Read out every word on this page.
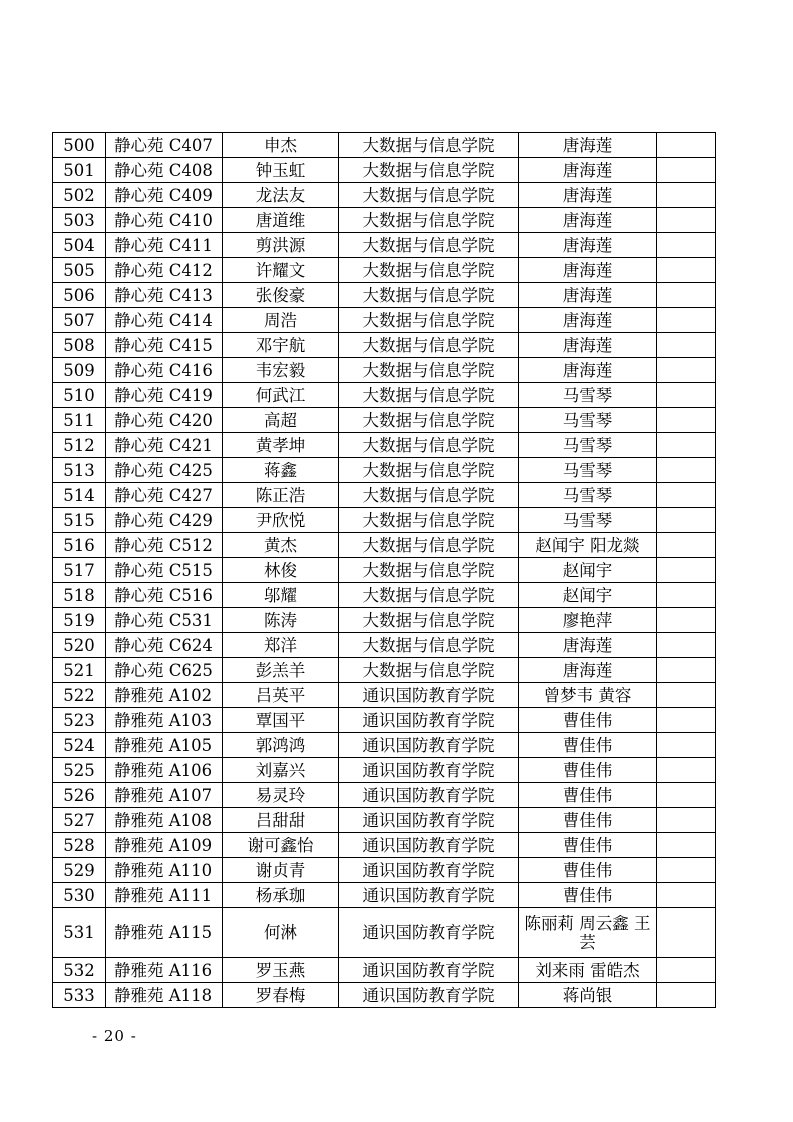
500	静心苑 C407	申杰	大数据与信息学院	唐海莲	
501	静心苑 C408	钟玉虹	大数据与信息学院	唐海莲	
502	静心苑 C409	龙法友	大数据与信息学院	唐海莲	
503	静心苑 C410	唐道维	大数据与信息学院	唐海莲	
504	静心苑 C411	剪洪源	大数据与信息学院	唐海莲	
505	静心苑 C412	许耀文	大数据与信息学院	唐海莲	
506	静心苑 C413	张俊豪	大数据与信息学院	唐海莲	
507	静心苑 C414	周浩	大数据与信息学院	唐海莲	
508	静心苑 C415	邓宇航	大数据与信息学院	唐海莲	
509	静心苑 C416	韦宏毅	大数据与信息学院	唐海莲	
510	静心苑 C419	何武江	大数据与信息学院	马雪琴	
511	静心苑 C420	高超	大数据与信息学院	马雪琴	
512	静心苑 C421	黄孝坤	大数据与信息学院	马雪琴	
513	静心苑 C425	蒋鑫	大数据与信息学院	马雪琴	
514	静心苑 C427	陈正浩	大数据与信息学院	马雪琴	
515	静心苑 C429	尹欣悦	大数据与信息学院	马雪琴	
516	静心苑 C512	黄杰	大数据与信息学院	赵闻宇 阳龙燚	
517	静心苑 C515	林俊	大数据与信息学院	赵闻宇	
518	静心苑 C516	邬耀	大数据与信息学院	赵闻宇	
519	静心苑 C531	陈涛	大数据与信息学院	廖艳萍	
520	静心苑 C624	郑洋	大数据与信息学院	唐海莲	
521	静心苑 C625	彭羔羊	大数据与信息学院	唐海莲	
522	静雅苑 A102	吕英平	通识国防教育学院	曾梦韦 黄容	
523	静雅苑 A103	覃国平	通识国防教育学院	曹佳伟	
524	静雅苑 A105	郭鸿鸿	通识国防教育学院	曹佳伟	
525	静雅苑 A106	刘嘉兴	通识国防教育学院	曹佳伟	
526	静雅苑 A107	易灵玲	通识国防教育学院	曹佳伟	
527	静雅苑 A108	吕甜甜	通识国防教育学院	曹佳伟	
528	静雅苑 A109	谢可鑫怡	通识国防教育学院	曹佳伟	
529	静雅苑 A110	谢贞青	通识国防教育学院	曹佳伟	
530	静雅苑 A111	杨承珈	通识国防教育学院	曹佳伟	
531	静雅苑 A115	何淋	通识国防教育学院	陈丽莉 周云鑫 王芸	
532	静雅苑 A116	罗玉燕	通识国防教育学院	刘来雨 雷皓杰	
533	静雅苑 A118	罗春梅	通识国防教育学院	蒋尚银	
- 20 -
